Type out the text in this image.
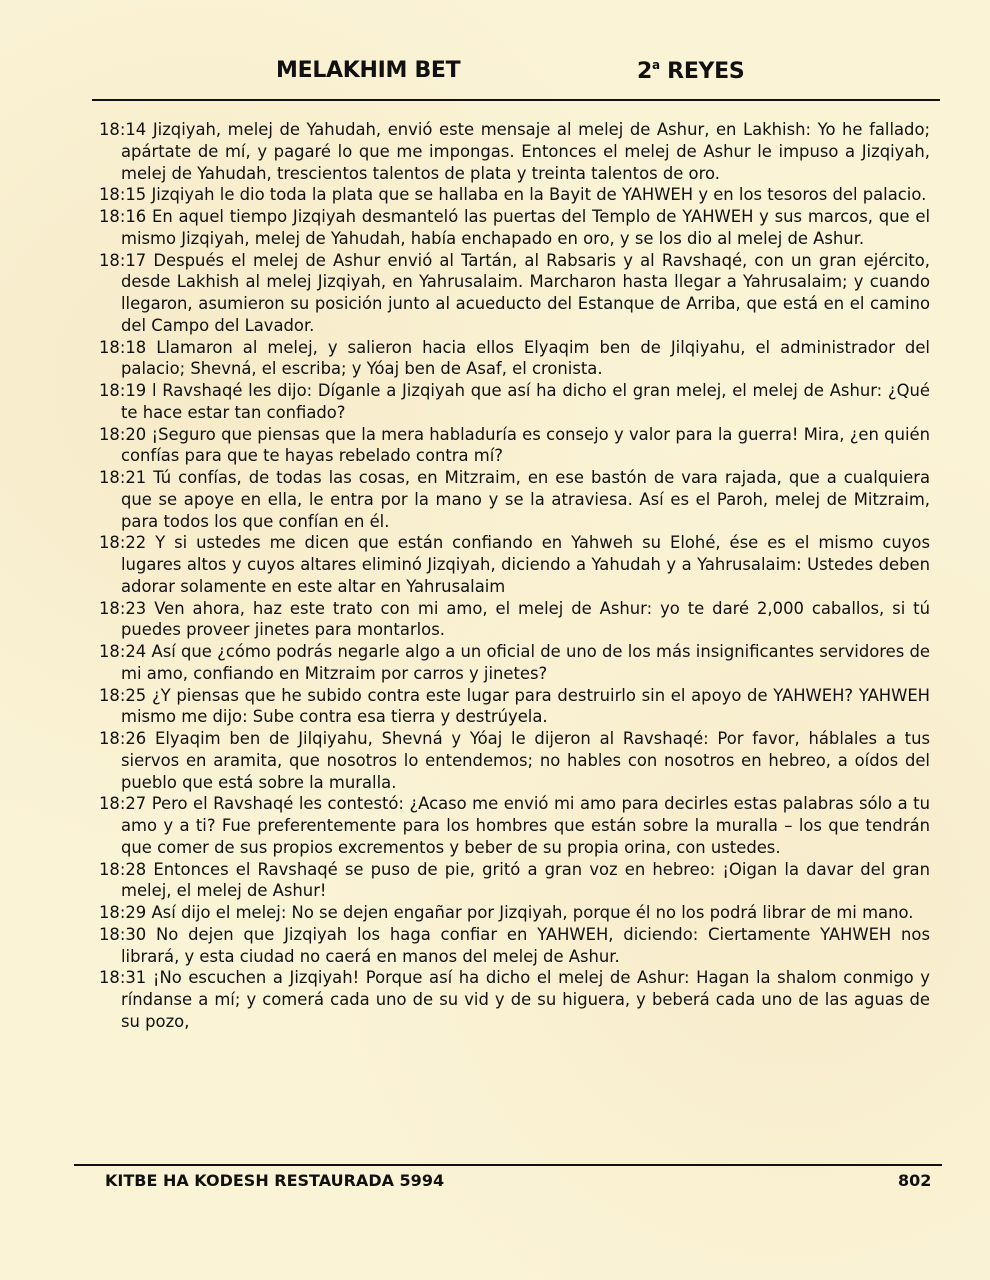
MELAKHIM BET	2$^a$ REYES

18:14 Jizqiyah, melej de Yahudah, envió este mensaje al melej de Ashur, en Lakhish: Yo he fallado; apártate de mí, y pagaré lo que me impongas. Entonces el melej de Ashur le impuso a Jizqiyah, melej de Yahudah, trescientos talentos de plata y treinta talentos de oro.

18:15 Jizqiyah le dio toda la plata que se hallaba en la Bayit de YAHWEH y en los tesoros del palacio.

18:16 En aquel tiempo Jizqiyah desmanteló las puertas del Templo de YAHWEH y sus marcos, que el mismo Jizqiyah, melej de Yahudah, había enchapado en oro, y se los dio al melej de Ashur.

18:17 Después el melej de Ashur envió al Tartán, al Rabsaris y al Ravshaqé, con un gran ejército, desde Lakhish al melej Jizqiyah, en Yahrusalaim. Marcharon hasta llegar a Yahrusalaim; y cuando llegaron, asumieron su posición junto al acueducto del Estanque de Arriba, que está en el camino del Campo del Lavador.

18:18 Llamaron al melej, y salieron hacia ellos Elyaqim ben de Jilqiyahu, el administrador del palacio; Shevná, el escriba; y Yóaj ben de Asaf, el cronista.

18:19 l Ravshaqé les dijo: Díganle a Jizqiyah que así ha dicho el gran melej, el melej de Ashur: ¿Qué te hace estar tan confiado?

18:20 ¡Seguro que piensas que la mera habladuría es consejo y valor para la guerra! Mira, ¿en quién confías para que te hayas rebelado contra mí?

18:21 Tú confías, de todas las cosas, en Mitzraim, en ese bastón de vara rajada, que a cualquiera que se apoye en ella, le entra por la mano y se la atraviesa. Así es el Paroh, melej de Mitzraim, para todos los que confían en él.

18:22 Y si ustedes me dicen que están confiando en Yahweh su Elohé, ése es el mismo cuyos lugares altos y cuyos altares eliminó Jizqiyah, diciendo a Yahudah y a Yahrusalaim: Ustedes deben adorar solamente en este altar en Yahrusalaim

18:23 Ven ahora, haz este trato con mi amo, el melej de Ashur: yo te daré 2,000 caballos, si tú puedes proveer jinetes para montarlos.

18:24 Así que ¿cómo podrás negarle algo a un oficial de uno de los más insignificantes servidores de mi amo, confiando en Mitzraim por carros y jinetes?

18:25 ¿Y piensas que he subido contra este lugar para destruirlo sin el apoyo de YAHWEH? YAHWEH mismo me dijo: Sube contra esa tierra y destrúyela.

18:26 Elyaqim ben de Jilqiyahu, Shevná y Yóaj le dijeron al Ravshaqé: Por favor, háblales a tus siervos en aramita, que nosotros lo entendemos; no hables con nosotros en hebreo, a oídos del pueblo que está sobre la muralla.

18:27 Pero el Ravshaqé les contestó: ¿Acaso me envió mi amo para decirles estas palabras sólo a tu amo y a ti? Fue preferentemente para los hombres que están sobre la muralla – los que tendrán que comer de sus propios excrementos y beber de su propia orina, con ustedes.

18:28 Entonces el Ravshaqé se puso de pie, gritó a gran voz en hebreo: ¡Oigan la davar del gran melej, el melej de Ashur!

18:29 Así dijo el melej: No se dejen engañar por Jizqiyah, porque él no los podrá librar de mi mano.

18:30 No dejen que Jizqiyah los haga confiar en YAHWEH, diciendo: Ciertamente YAHWEH nos librará, y esta ciudad no caerá en manos del melej de Ashur.

18:31 ¡No escuchen a Jizqiyah! Porque así ha dicho el melej de Ashur: Hagan la shalom conmigo y ríndanse a mí; y comerá cada uno de su vid y de su higuera, y beberá cada uno de las aguas de su pozo,

KITBE HA KODESH RESTAURADA 5994	802
